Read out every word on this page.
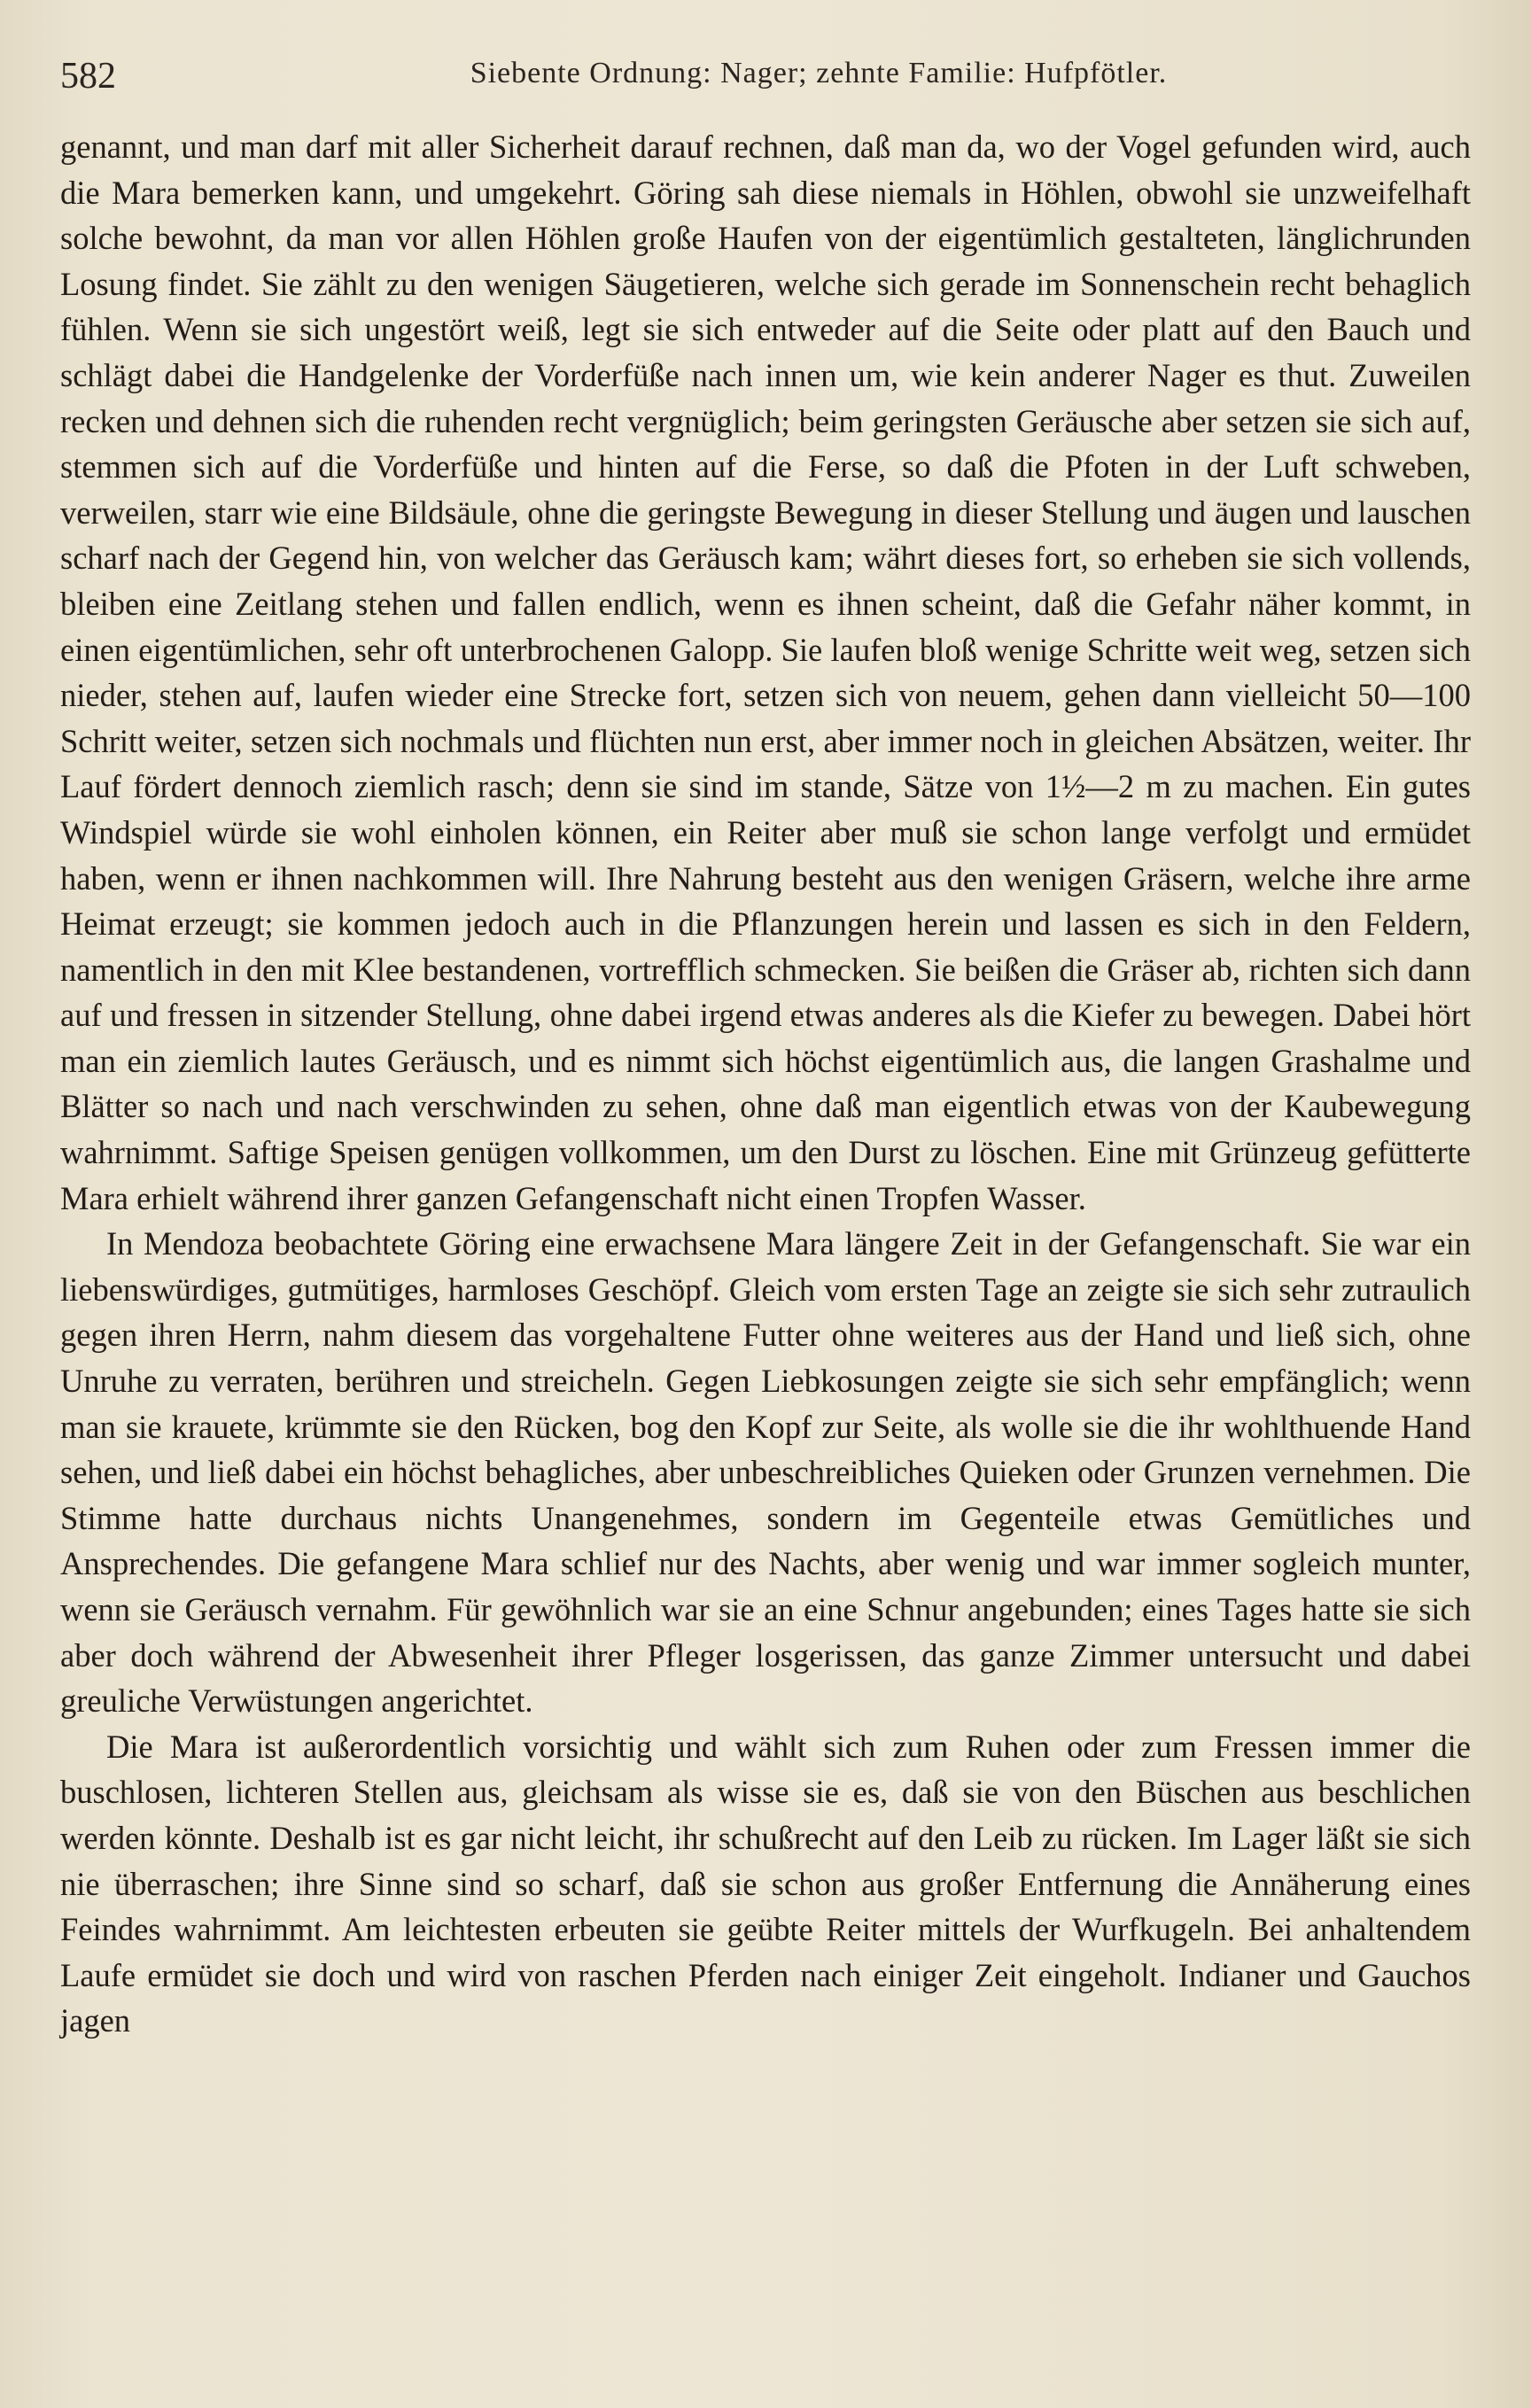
582	Siebente Ordnung: Nager; zehnte Familie: Hufpfötler.

genannt, und man darf mit aller Sicherheit darauf rechnen, daß man da, wo der Vogel gefunden wird, auch die Mara bemerken kann, und umgekehrt. Göring sah diese niemals in Höhlen, obwohl sie unzweifelhaft solche bewohnt, da man vor allen Höhlen große Haufen von der eigentümlich gestalteten, länglichrunden Losung findet. Sie zählt zu den wenigen Säugetieren, welche sich gerade im Sonnenschein recht behaglich fühlen. Wenn sie sich ungestört weiß, legt sie sich entweder auf die Seite oder platt auf den Bauch und schlägt dabei die Handgelenke der Vorderfüße nach innen um, wie kein anderer Nager es thut. Zuweilen recken und dehnen sich die ruhenden recht vergnüglich; beim geringsten Geräusche aber setzen sie sich auf, stemmen sich auf die Vorderfüße und hinten auf die Ferse, so daß die Pfoten in der Luft schweben, verweilen, starr wie eine Bildsäule, ohne die geringste Bewegung in dieser Stellung und äugen und lauschen scharf nach der Gegend hin, von welcher das Geräusch kam; währt dieses fort, so erheben sie sich vollends, bleiben eine Zeitlang stehen und fallen endlich, wenn es ihnen scheint, daß die Gefahr näher kommt, in einen eigentümlichen, sehr oft unterbrochenen Galopp. Sie laufen bloß wenige Schritte weit weg, setzen sich nieder, stehen auf, laufen wieder eine Strecke fort, setzen sich von neuem, gehen dann vielleicht 50—100 Schritt weiter, setzen sich nochmals und flüchten nun erst, aber immer noch in gleichen Absätzen, weiter. Ihr Lauf fördert dennoch ziemlich rasch; denn sie sind im stande, Sätze von 1½—2 m zu machen. Ein gutes Windspiel würde sie wohl einholen können, ein Reiter aber muß sie schon lange verfolgt und ermüdet haben, wenn er ihnen nachkommen will. Ihre Nahrung besteht aus den wenigen Gräsern, welche ihre arme Heimat erzeugt; sie kommen jedoch auch in die Pflanzungen herein und lassen es sich in den Feldern, namentlich in den mit Klee bestandenen, vortrefflich schmecken. Sie beißen die Gräser ab, richten sich dann auf und fressen in sitzender Stellung, ohne dabei irgend etwas anderes als die Kiefer zu bewegen. Dabei hört man ein ziemlich lautes Geräusch, und es nimmt sich höchst eigentümlich aus, die langen Grashalme und Blätter so nach und nach verschwinden zu sehen, ohne daß man eigentlich etwas von der Kaubewegung wahrnimmt. Saftige Speisen genügen vollkommen, um den Durst zu löschen. Eine mit Grünzeug gefütterte Mara erhielt während ihrer ganzen Gefangenschaft nicht einen Tropfen Wasser.

In Mendoza beobachtete Göring eine erwachsene Mara längere Zeit in der Gefangenschaft. Sie war ein liebenswürdiges, gutmütiges, harmloses Geschöpf. Gleich vom ersten Tage an zeigte sie sich sehr zutraulich gegen ihren Herrn, nahm diesem das vorgehaltene Futter ohne weiteres aus der Hand und ließ sich, ohne Unruhe zu verraten, berühren und streicheln. Gegen Liebkosungen zeigte sie sich sehr empfänglich; wenn man sie krauete, krümmte sie den Rücken, bog den Kopf zur Seite, als wolle sie die ihr wohlthuende Hand sehen, und ließ dabei ein höchst behagliches, aber unbeschreibliches Quieken oder Grunzen vernehmen. Die Stimme hatte durchaus nichts Unangenehmes, sondern im Gegenteile etwas Gemütliches und Ansprechendes. Die gefangene Mara schlief nur des Nachts, aber wenig und war immer sogleich munter, wenn sie Geräusch vernahm. Für gewöhnlich war sie an eine Schnur angebunden; eines Tages hatte sie sich aber doch während der Abwesenheit ihrer Pfleger losgerissen, das ganze Zimmer untersucht und dabei greuliche Verwüstungen angerichtet.

Die Mara ist außerordentlich vorsichtig und wählt sich zum Ruhen oder zum Fressen immer die buschlosen, lichteren Stellen aus, gleichsam als wisse sie es, daß sie von den Büschen aus beschlichen werden könnte. Deshalb ist es gar nicht leicht, ihr schußrecht auf den Leib zu rücken. Im Lager läßt sie sich nie überraschen; ihre Sinne sind so scharf, daß sie schon aus großer Entfernung die Annäherung eines Feindes wahrnimmt. Am leichtesten erbeuten sie geübte Reiter mittels der Wurfkugeln. Bei anhaltendem Laufe ermüdet sie doch und wird von raschen Pferden nach einiger Zeit eingeholt. Indianer und Gauchos jagen
